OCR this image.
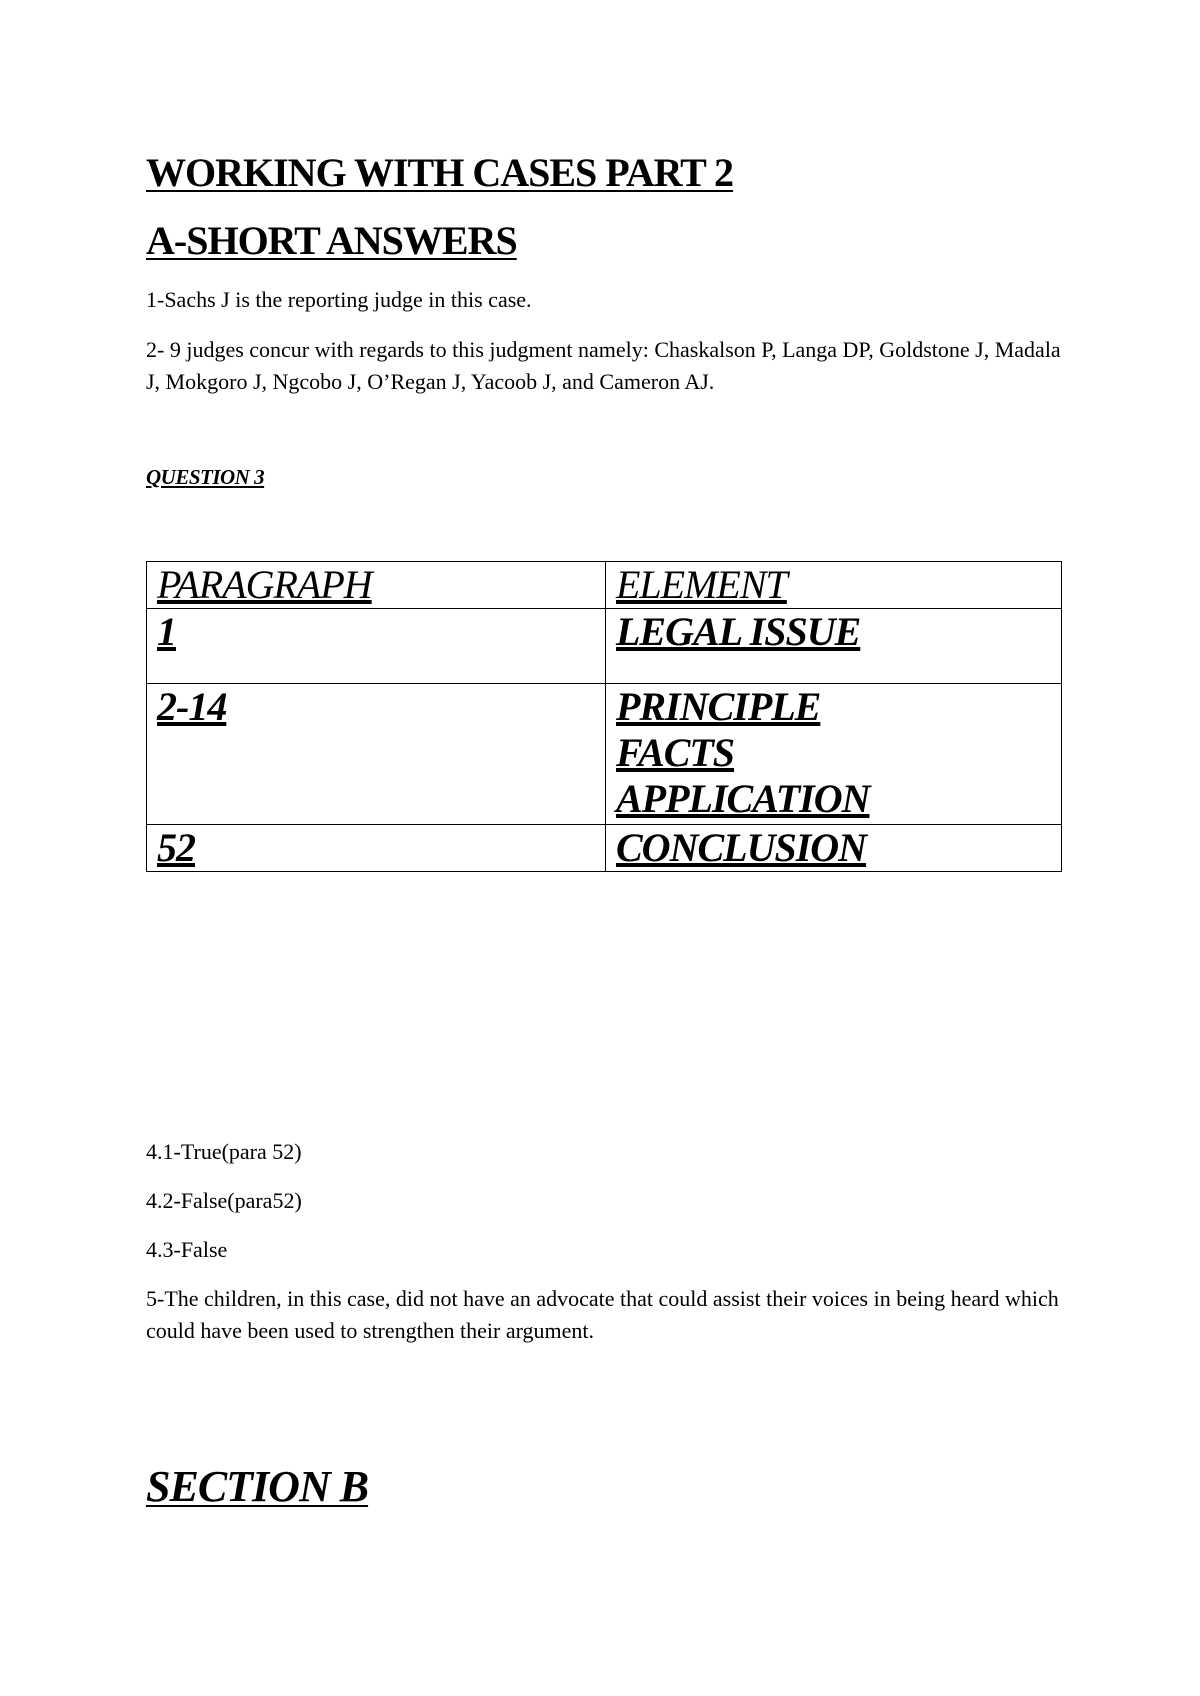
WORKING WITH CASES PART 2
A-SHORT ANSWERS

1-Sachs J is the reporting judge in this case.

2- 9 judges concur with regards to this judgment namely: Chaskalson P, Langa DP, Goldstone J, Madala J, Mokgoro J, Ngcobo J, O’Regan J, Yacoob J, and Cameron AJ.

QUESTION 3

PARAGRAPH	ELEMENT
1	LEGAL ISSUE

2-14	PRINCIPLE
FACTS
APPLICATION

52	CONCLUSION

4.1-True(para 52)

4.2-False(para52)

4.3-False

5-The children, in this case, did not have an advocate that could assist their voices in being heard which could have been used to strengthen their argument.

SECTION B
